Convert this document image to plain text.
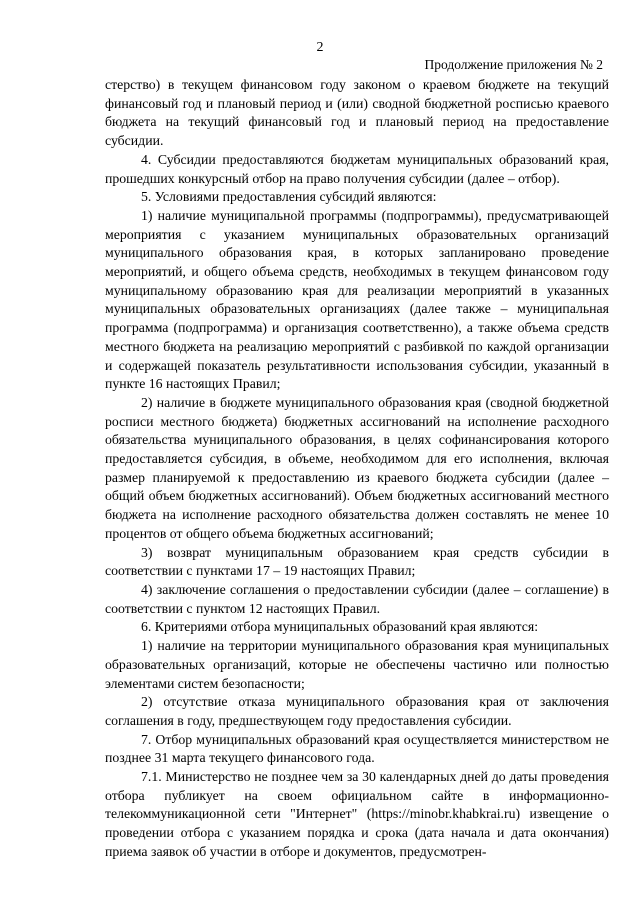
2
Продолжение приложения № 2

стерство) в текущем финансовом году законом о краевом бюджете на текущий финансовый год и плановый период и (или) сводной бюджетной росписью краевого бюджета на текущий финансовый год и плановый период на предоставление субсидии.

4. Субсидии предоставляются бюджетам муниципальных образований края, прошедших конкурсный отбор на право получения субсидии (далее – отбор).

5. Условиями предоставления субсидий являются:

1) наличие муниципальной программы (подпрограммы), предусматривающей мероприятия с указанием муниципальных образовательных организаций муниципального образования края, в которых запланировано проведение мероприятий, и общего объема средств, необходимых в текущем финансовом году муниципальному образованию края для реализации мероприятий в указанных муниципальных образовательных организациях (далее также – муниципальная программа (подпрограмма) и организация соответственно), а также объема средств местного бюджета на реализацию мероприятий с разбивкой по каждой организации и содержащей показатель результативности использования субсидии, указанный в пункте 16 настоящих Правил;

2) наличие в бюджете муниципального образования края (сводной бюджетной росписи местного бюджета) бюджетных ассигнований на исполнение расходного обязательства муниципального образования, в целях софинансирования которого предоставляется субсидия, в объеме, необходимом для его исполнения, включая размер планируемой к предоставлению из краевого бюджета субсидии (далее – общий объем бюджетных ассигнований). Объем бюджетных ассигнований местного бюджета на исполнение расходного обязательства должен составлять не менее 10 процентов от общего объема бюджетных ассигнований;

3) возврат муниципальным образованием края средств субсидии в соответствии с пунктами 17 – 19 настоящих Правил;

4) заключение соглашения о предоставлении субсидии (далее – соглашение) в соответствии с пунктом 12 настоящих Правил.

6. Критериями отбора муниципальных образований края являются:

1) наличие на территории муниципального образования края муниципальных образовательных организаций, которые не обеспечены частично или полностью элементами систем безопасности;

2) отсутствие отказа муниципального образования края от заключения соглашения в году, предшествующем году предоставления субсидии.

7. Отбор муниципальных образований края осуществляется министерством не позднее 31 марта текущего финансового года.

7.1. Министерство не позднее чем за 30 календарных дней до даты проведения отбора публикует на своем официальном сайте в информационно-телекоммуникационной сети "Интернет" (https://minobr.khabkrai.ru) извещение о проведении отбора с указанием порядка и срока (дата начала и дата окончания) приема заявок об участии в отборе и документов, предусмотрен-
